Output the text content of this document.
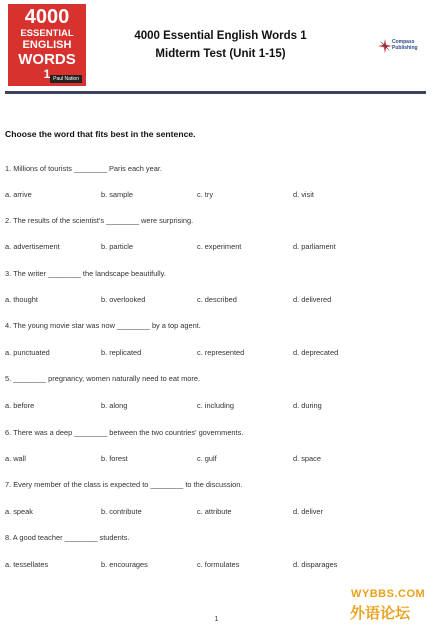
4000
ESSENTIAL
ENGLISH
WORDS
1 Paul Nation
4000 Essential English Words 1
Midterm Test (Unit 1-15)
Compass
Publishing
Choose the word that fits best in the sentence.
1. Millions of tourists ________ Paris each year.
a. arrive	b. sample	c. try	d. visit
2. The results of the scientist's ________ were surprising.
a. advertisement	b. particle	c. experiment	d. parliament
3. The writer ________ the landscape beautifully.
a. thought	b. overlooked	c. described	d. delivered
4. The young movie star was now ________ by a top agent.
a. punctuated	b. replicated	c. represented	d. deprecated
5. ________ pregnancy, women naturally need to eat more.
a. before	b. along	c. including	d. during
6. There was a deep ________ between the two countries' governments.
a. wall	b. forest	c. gulf	d. space
7. Every member of the class is expected to ________ to the discussion.
a. speak	b. contribute	c. attribute	d. deliver
8. A good teacher ________ students.
a. tessellates	b. encourages	c. formulates	d. disparages
WYBBS.COM
外语论坛
1
